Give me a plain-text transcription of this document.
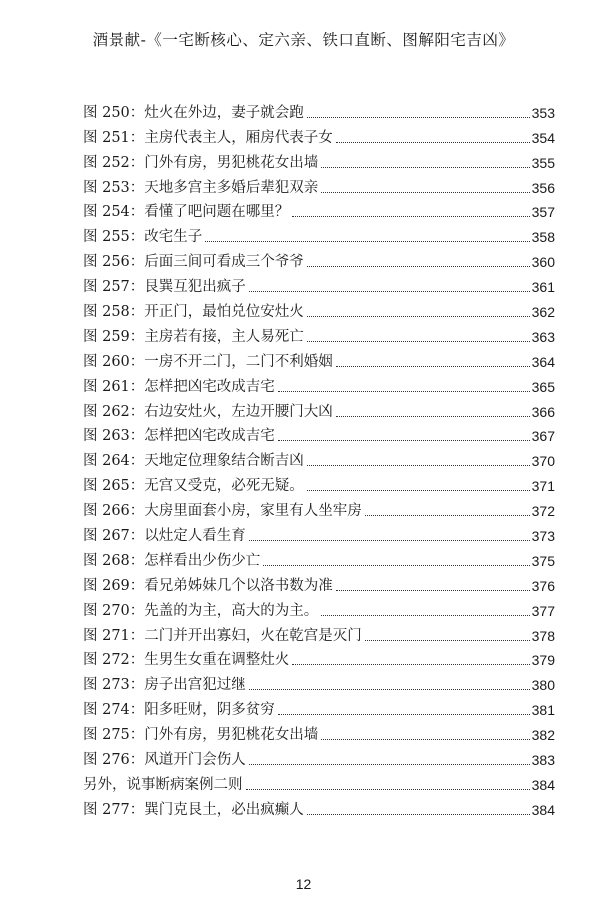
酒景献-《一宅断核心、定六亲、铁口直断、图解阳宅吉凶》
图 250：灶火在外边，妻子就会跑	353
图 251：主房代表主人，厢房代表子女	354
图 252：门外有房，男犯桃花女出墙	355
图 253：天地多宫主多婚后辈犯双亲	356
图 254：看懂了吧问题在哪里？	357
图 255：改宅生子	358
图 256：后面三间可看成三个爷爷	360
图 257：艮巽互犯出疯子	361
图 258：开正门，最怕兑位安灶火	362
图 259：主房若有接，主人易死亡	363
图 260：一房不开二门，二门不利婚姻	364
图 261：怎样把凶宅改成吉宅	365
图 262：右边安灶火，左边开腰门大凶	366
图 263：怎样把凶宅改成吉宅	367
图 264：天地定位理象结合断吉凶	370
图 265：无宫又受克，必死无疑。	371
图 266：大房里面套小房，家里有人坐牢房	372
图 267：以灶定人看生育	373
图 268：怎样看出少伤少亡	375
图 269：看兄弟姊妹几个以洛书数为准	376
图 270：先盖的为主，高大的为主。	377
图 271：二门并开出寡妇，火在乾宫是灭门	378
图 272：生男生女重在调整灶火	379
图 273：房子出宫犯过继	380
图 274：阳多旺财，阴多贫穷	381
图 275：门外有房，男犯桃花女出墙	382
图 276：风道开门会伤人	383
另外，说事断病案例二则	384
图 277：巽门克艮土，必出疯癫人	384
12
